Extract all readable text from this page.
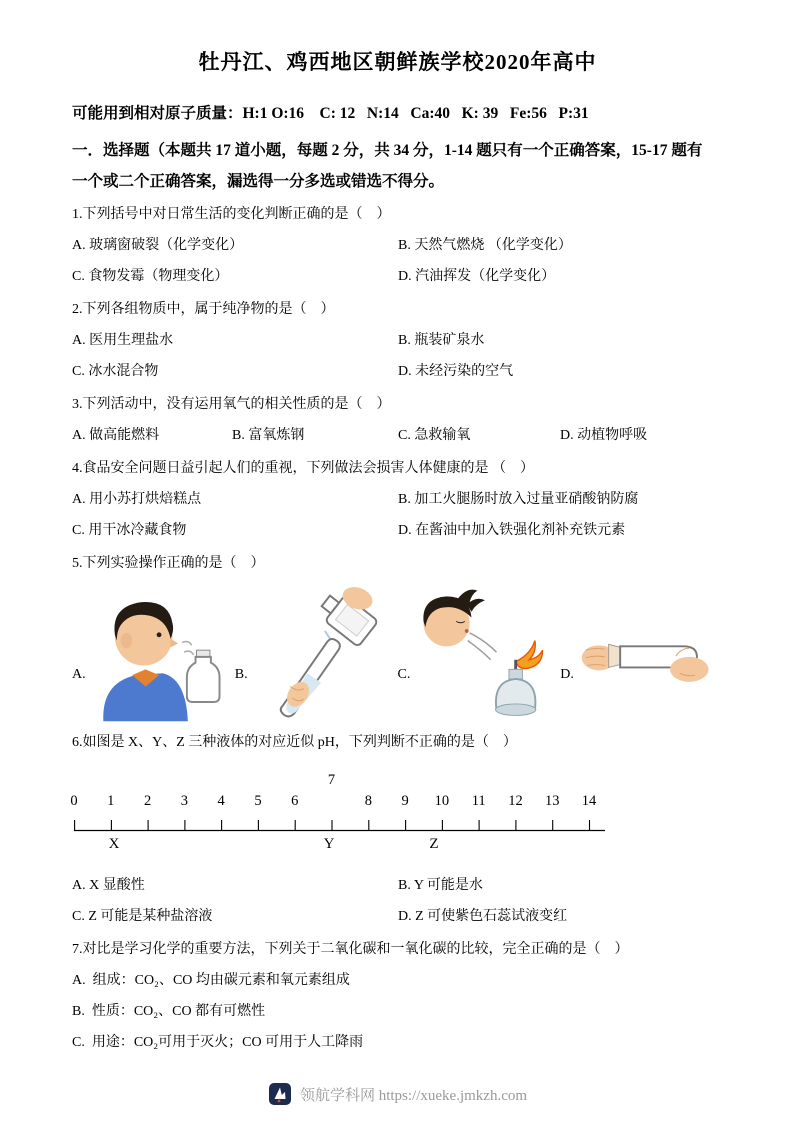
牡丹江、鸡西地区朝鲜族学校2020年高中
可能用到相对原子质量：H:1 O:16    C: 12   N:14   Ca:40   K: 39   Fe:56   P:31
一．选择题（本题共 17 道小题，每题 2 分，共 34 分，1-14 题只有一个正确答案，15-17 题有
一个或二个正确答案，漏选得一分多选或错选不得分。
1.下列括号中对日常生活的变化判断正确的是（    ）
A. 玻璃窗破裂（化学变化）	B. 天然气燃烧 （化学变化）
C. 食物发霉（物理变化）	D. 汽油挥发（化学变化）
2.下列各组物质中，属于纯净物的是（    ）
A. 医用生理盐水	B. 瓶装矿泉水
C. 冰水混合物	D. 未经污染的空气
3.下列活动中，没有运用氧气的相关性质的是（    ）
A. 做高能燃料	B. 富氧炼钢	C. 急救输氧	D. 动植物呼吸
4.食品安全问题日益引起人们的重视，下列做法会损害人体健康的是 （    ）
A. 用小苏打烘焙糕点	B. 加工火腿肠时放入过量亚硝酸钠防腐
C. 用干冰冷藏食物	D. 在酱油中加入铁强化剂补充铁元素
5.下列实验操作正确的是（    ）
A.	B.	C.	D.
6.如图是 X、Y、Z 三种液体的对应近似 pH，下列判断不正确的是（    ）
0 1 2 3 4 5 6
7
8 9 10 11 12 13 14
X	Y	Z
A. X 显酸性	B. Y 可能是水
C. Z 可能是某种盐溶液	D. Z 可使紫色石蕊试液变红
7.对比是学习化学的重要方法，下列关于二氧化碳和一氧化碳的比较，完全正确的是（    ）
A.  组成：CO₂、CO 均由碳元素和氧元素组成
B.  性质：CO₂、CO 都有可燃性
C.  用途：CO₂可用于灭火；CO 可用于人工降雨
领航学科网 https://xueke.jmkzh.com
